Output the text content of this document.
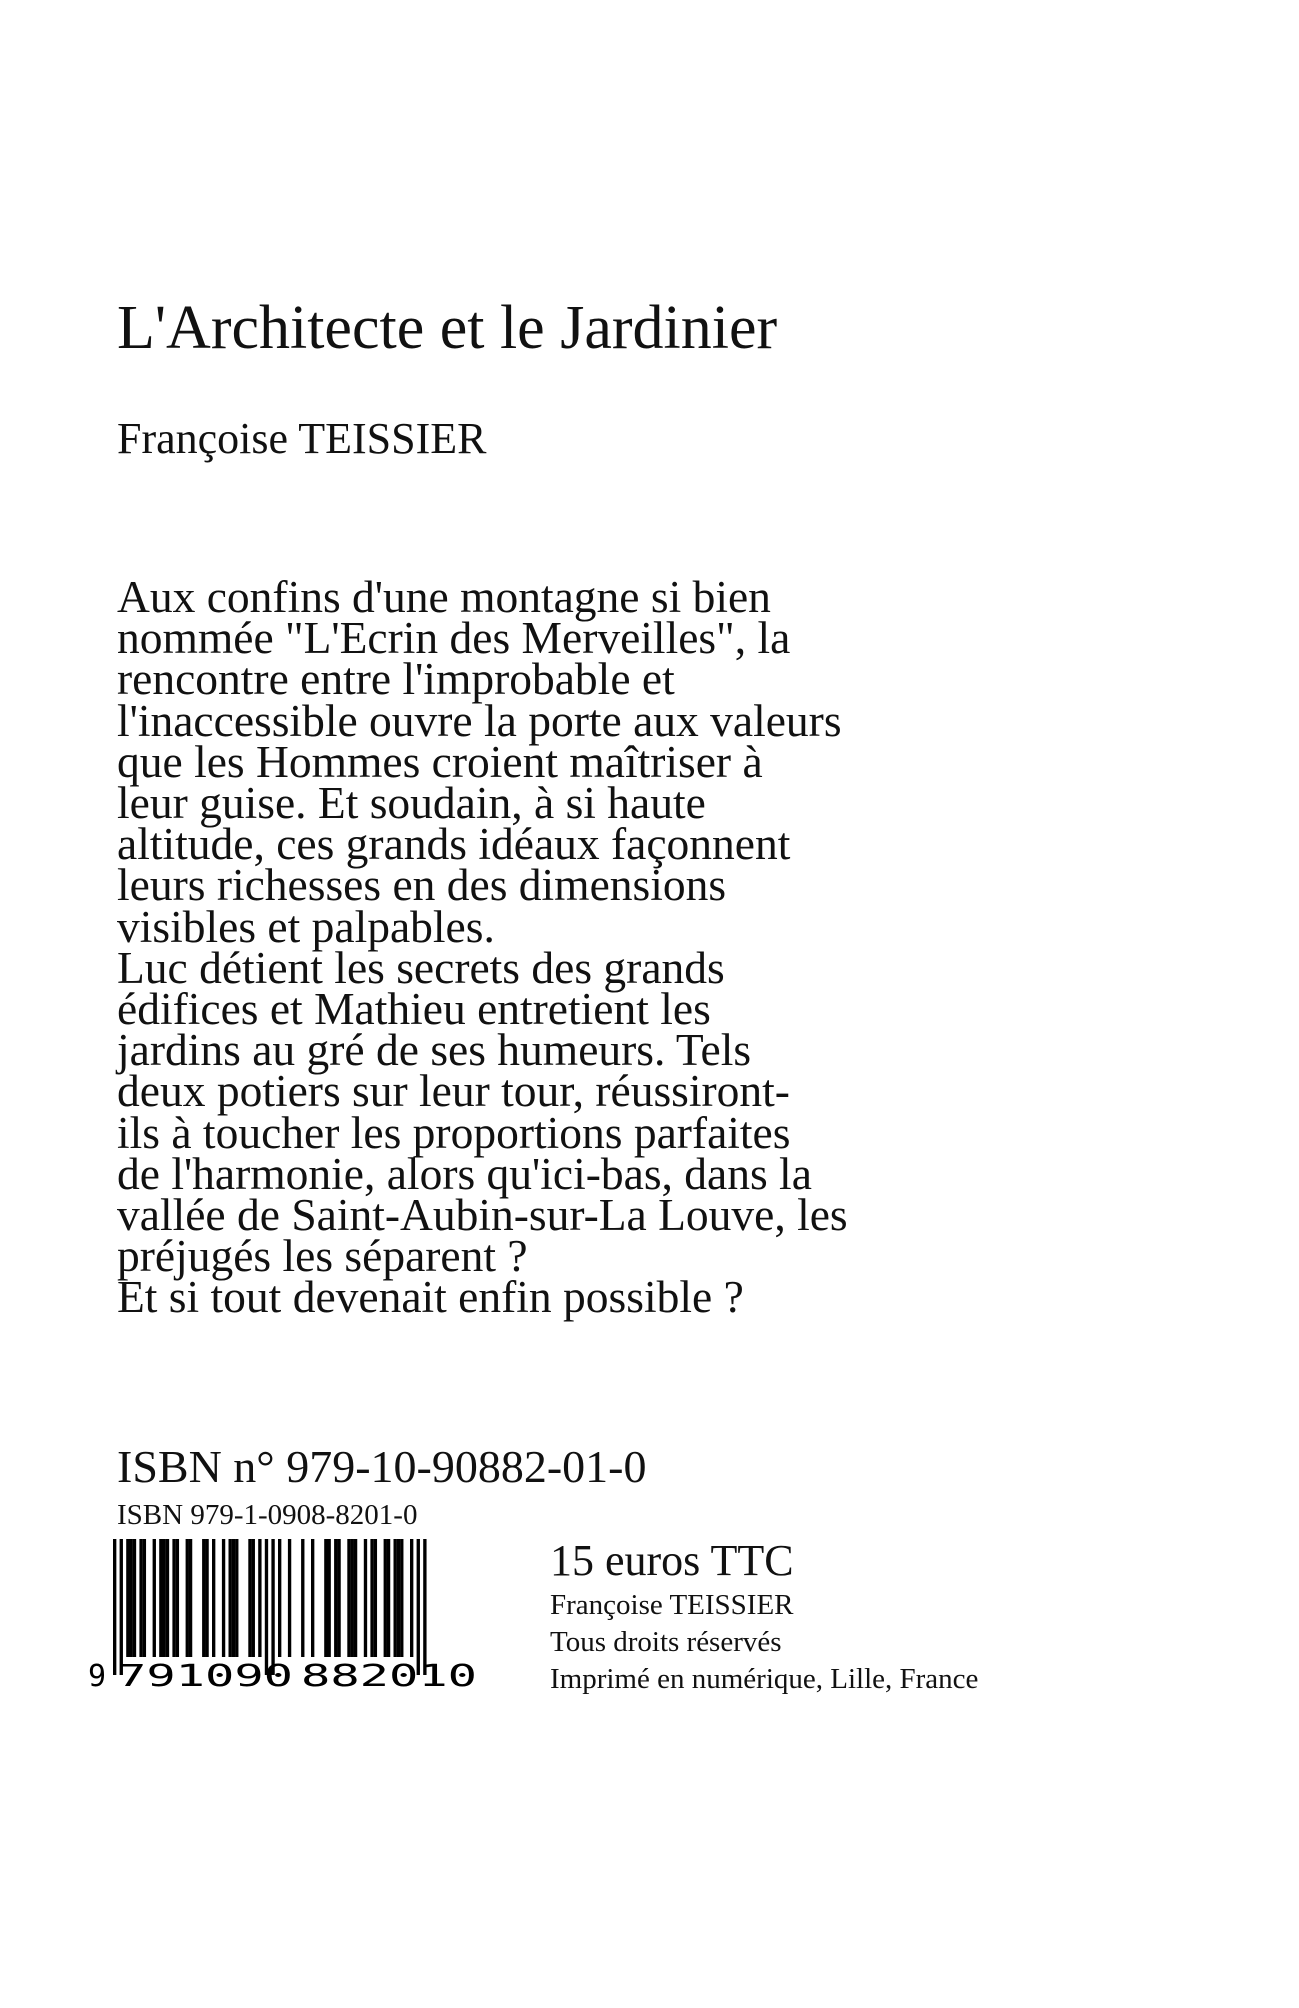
L'Architecte et le Jardinier
Françoise TEISSIER
Aux confins d'une montagne si bien
nommée "L'Ecrin des Merveilles", la
rencontre entre l'improbable et
l'inaccessible ouvre la porte aux valeurs
que les Hommes croient maîtriser à
leur guise. Et soudain, à si haute
altitude, ces grands idéaux façonnent
leurs richesses en des dimensions
visibles et palpables.
Luc détient les secrets des grands
édifices et Mathieu entretient les
jardins au gré de ses humeurs. Tels
deux potiers sur leur tour, réussiront-
ils à toucher les proportions parfaites
de l'harmonie, alors qu'ici-bas, dans la
vallée de Saint-Aubin-sur-La Louve, les
préjugés les séparent ?
Et si tout devenait enfin possible ?
ISBN n° 979-10-90882-01-0
ISBN 979-1-0908-8201-0
9 791090 882010
15 euros TTC
Françoise TEISSIER
Tous droits réservés
Imprimé en numérique, Lille, France
